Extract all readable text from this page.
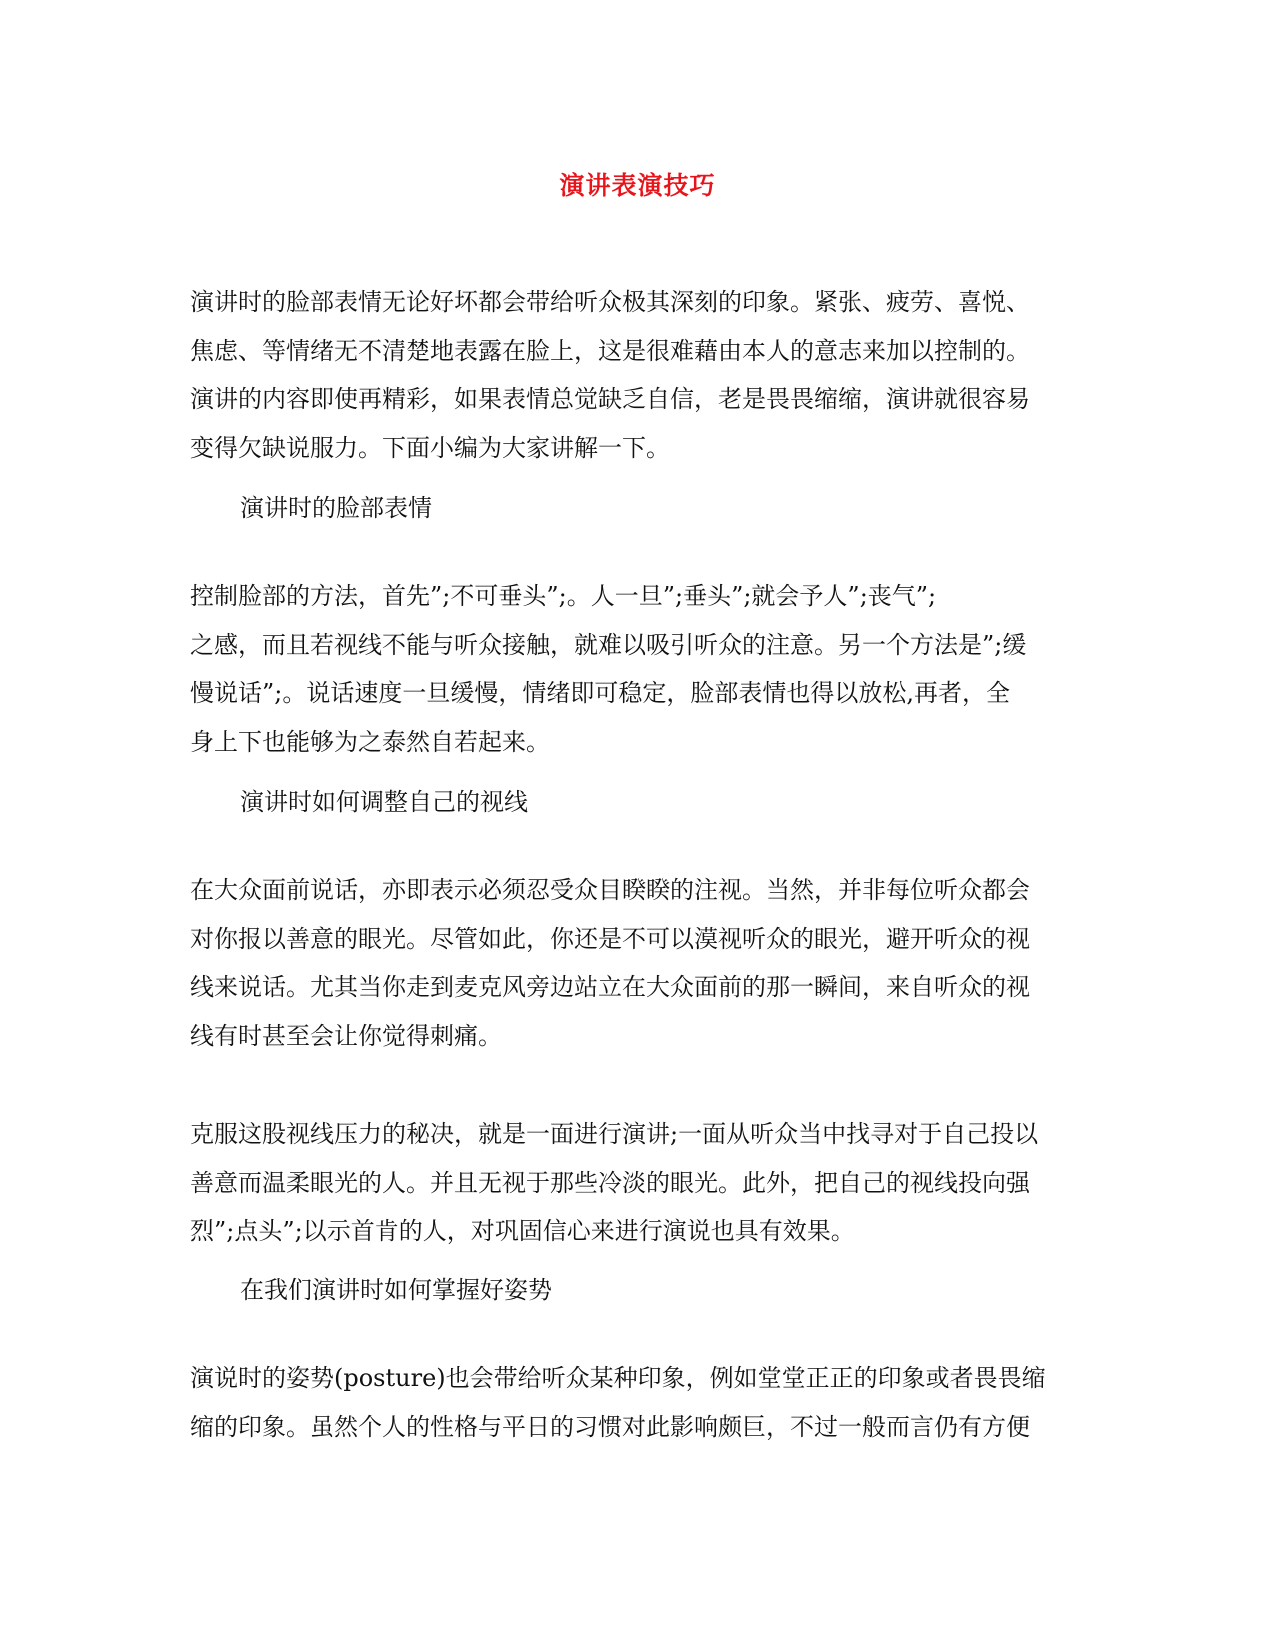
演讲表演技巧
演讲时的脸部表情无论好坏都会带给听众极其深刻的印象。紧张、疲劳、喜悦、
焦虑、等情绪无不清楚地表露在脸上，这是很难藉由本人的意志来加以控制的。
演讲的内容即使再精彩，如果表情总觉缺乏自信，老是畏畏缩缩，演讲就很容易
变得欠缺说服力。下面小编为大家讲解一下。
演讲时的脸部表情
控制脸部的方法，首先”;不可垂头”;。人一旦”;垂头”;就会予人”;丧气”;
之感，而且若视线不能与听众接触，就难以吸引听众的注意。另一个方法是”;缓
慢说话”;。说话速度一旦缓慢，情绪即可稳定，脸部表情也得以放松,再者，全
身上下也能够为之泰然自若起来。
演讲时如何调整自己的视线
在大众面前说话，亦即表示必须忍受众目睽睽的注视。当然，并非每位听众都会
对你报以善意的眼光。尽管如此，你还是不可以漠视听众的眼光，避开听众的视
线来说话。尤其当你走到麦克风旁边站立在大众面前的那一瞬间，来自听众的视
线有时甚至会让你觉得刺痛。
克服这股视线压力的秘决，就是一面进行演讲;一面从听众当中找寻对于自己投以
善意而温柔眼光的人。并且无视于那些冷淡的眼光。此外，把自己的视线投向强
烈”;点头”;以示首肯的人，对巩固信心来进行演说也具有效果。
在我们演讲时如何掌握好姿势
演说时的姿势(posture)也会带给听众某种印象，例如堂堂正正的印象或者畏畏缩
缩的印象。虽然个人的性格与平日的习惯对此影响颇巨，不过一般而言仍有方便
